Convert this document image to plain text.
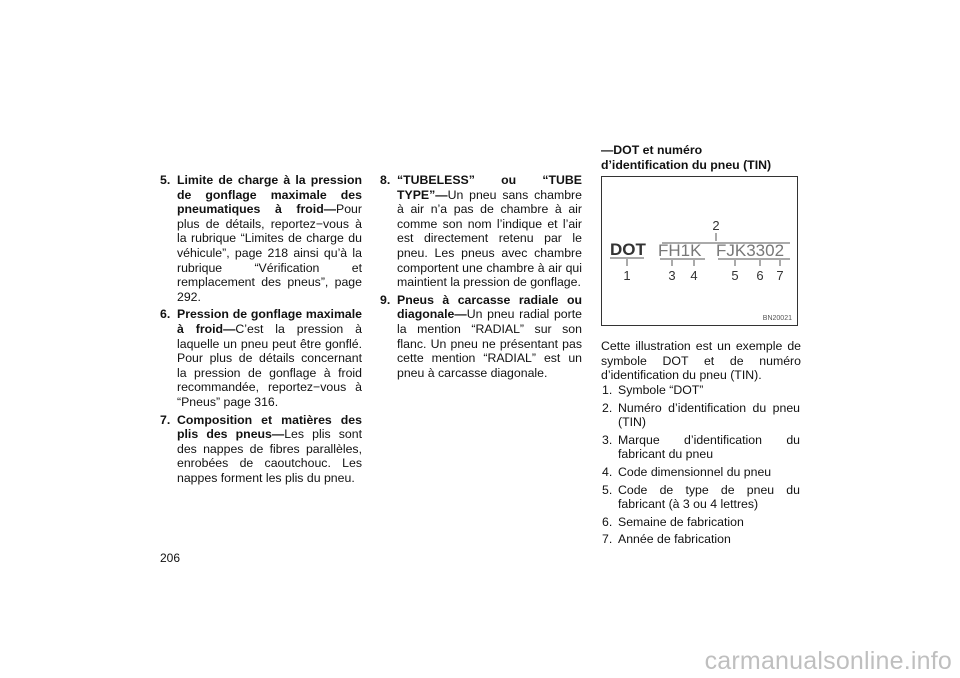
5. Limite de charge à la pression de gonflage maximale des pneumatiques à froid—Pour plus de détails, reportez−vous à la rubrique “Limites de charge du véhicule”, page 218 ainsi qu’à la rubrique “Vérification et remplacement des pneus”, page 292.
6. Pression de gonflage maximale à froid—C’est la pression à laquelle un pneu peut être gonflé. Pour plus de détails concernant la pression de gonflage à froid recommandée, reportez−vous à “Pneus” page 316.
7. Composition et matières des plis des pneus—Les plis sont des nappes de fibres parallèles, enrobées de caoutchouc. Les nappes forment les plis du pneu.
8. “TUBELESS” ou “TUBE TYPE”—Un pneu sans chambre à air n’a pas de chambre à air comme son nom l’indique et l’air est directement retenu par le pneu. Les pneus avec chambre comportent une chambre à air qui maintient la pression de gonflage.
9. Pneus à carcasse radiale ou diagonale—Un pneu radial porte la mention “RADIAL” sur son flanc. Un pneu ne présentant pas cette mention “RADIAL” est un pneu à carcasse diagonale.

—DOT et numéro

d’identification du pneu (TIN)

2
DOT FH1K FJK3302
1	3 4	5 6 7
BN20021
Cette illustration est un exemple de symbole DOT et de numéro d’identification du pneu (TIN).
1. Symbole “DOT”
2. Numéro d’identification du pneu (TIN)
3. Marque d’identification du fabricant du pneu
4. Code dimensionnel du pneu
5. Code de type de pneu du fabricant (à 3 ou 4 lettres)
6. Semaine de fabrication
7. Année de fabrication
206
carmanualsonline.info
